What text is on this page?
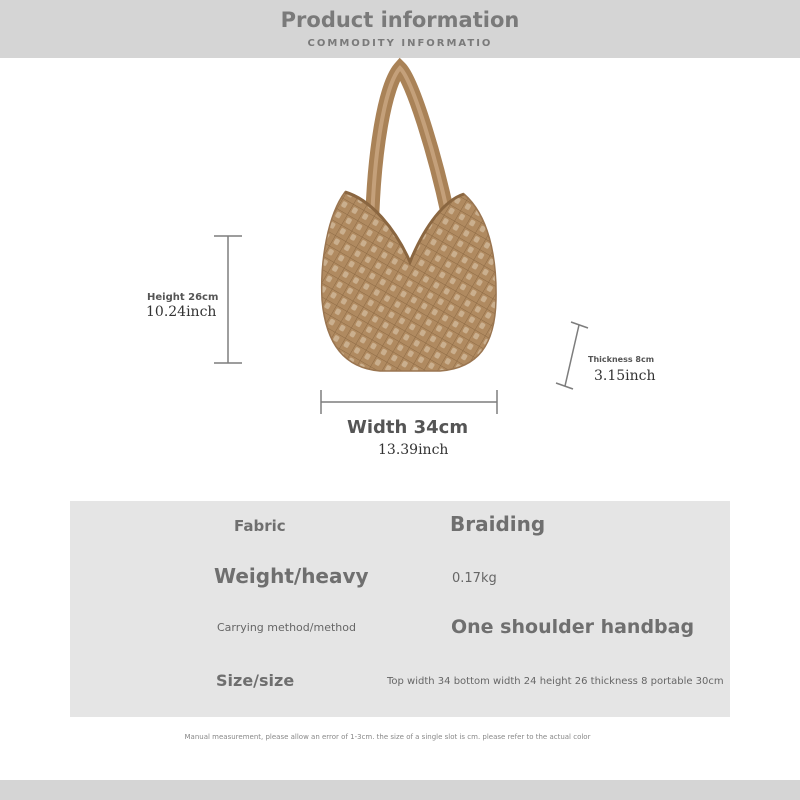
Product information
COMMODITY INFORMATIO
Height 26cm
10.24inch
Thickness 8cm
3.15inch
Width 34cm
13.39inch
Fabric	Braiding
Weight/heavy	0.17kg
Carrying method/method	One shoulder handbag
Size/size	Top width 34 bottom width 24 height 26 thickness 8 portable 30cm
Manual measurement, please allow an error of 1-3cm. the size of a single slot is cm. please refer to the actual color
